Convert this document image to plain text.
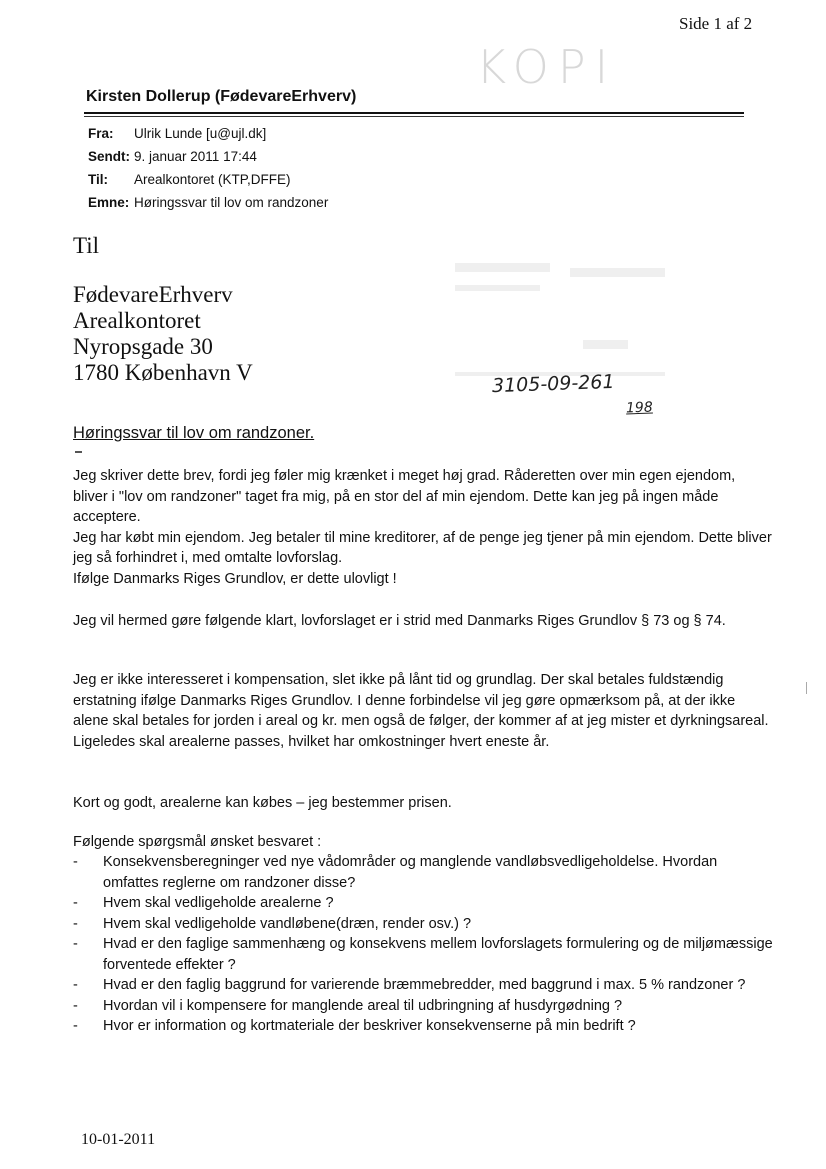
Side 1 af 2
KOPI
Kirsten Dollerup (FødevareErhverv)
Fra: Ulrik Lunde [u@ujl.dk]
Sendt: 9. januar 2011 17:44
Til: Arealkontoret (KTP,DFFE)
Emne: Høringssvar til lov om randzoner
Til
FødevareErhverv
Arealkontoret
Nyropsgade 30
1780 København V	3105-09-261
198
Høringssvar til lov om randzoner.

Jeg skriver dette brev, fordi jeg føler mig krænket i meget høj grad. Råderetten over min egen ejendom, bliver i "lov om randzoner" taget fra mig, på en stor del af min ejendom. Dette kan jeg på ingen måde acceptere.

Jeg har købt min ejendom. Jeg betaler til mine kreditorer, af de penge jeg tjener på min ejendom. Dette bliver jeg så forhindret i, med omtalte lovforslag.

Ifølge Danmarks Riges Grundlov, er dette ulovligt !

Jeg vil hermed gøre følgende klart, lovforslaget er i strid med Danmarks Riges Grundlov § 73 og § 74.

Jeg er ikke interesseret i kompensation, slet ikke på lånt tid og grundlag. Der skal betales fuldstændig erstatning ifølge Danmarks Riges Grundlov. I denne forbindelse vil jeg gøre opmærksom på, at der ikke alene skal betales for jorden i areal og kr. men også de følger, der kommer af at jeg mister et dyrkningsareal.

Ligeledes skal arealerne passes, hvilket har omkostninger hvert eneste år.

Kort og godt, arealerne kan købes – jeg bestemmer prisen.

Følgende spørgsmål ønsket besvaret :
- Konsekvensberegninger ved nye vådområder og manglende vandløbsvedligeholdelse. Hvordan omfattes reglerne om randzoner disse?
- Hvem skal vedligeholde arealerne ?
- Hvem skal vedligeholde vandløbene(dræn, render osv.) ?
- Hvad er den faglige sammenhæng og konsekvens mellem lovforslagets formulering og de miljømæssige forventede effekter ?
- Hvad er den faglig baggrund for varierende bræmmebredder, med baggrund i max. 5 % randzoner ?
- Hvordan vil i kompensere for manglende areal til udbringning af husdyrgødning ?
- Hvor er information og kortmateriale der beskriver konsekvenserne på min bedrift ?
10-01-2011
